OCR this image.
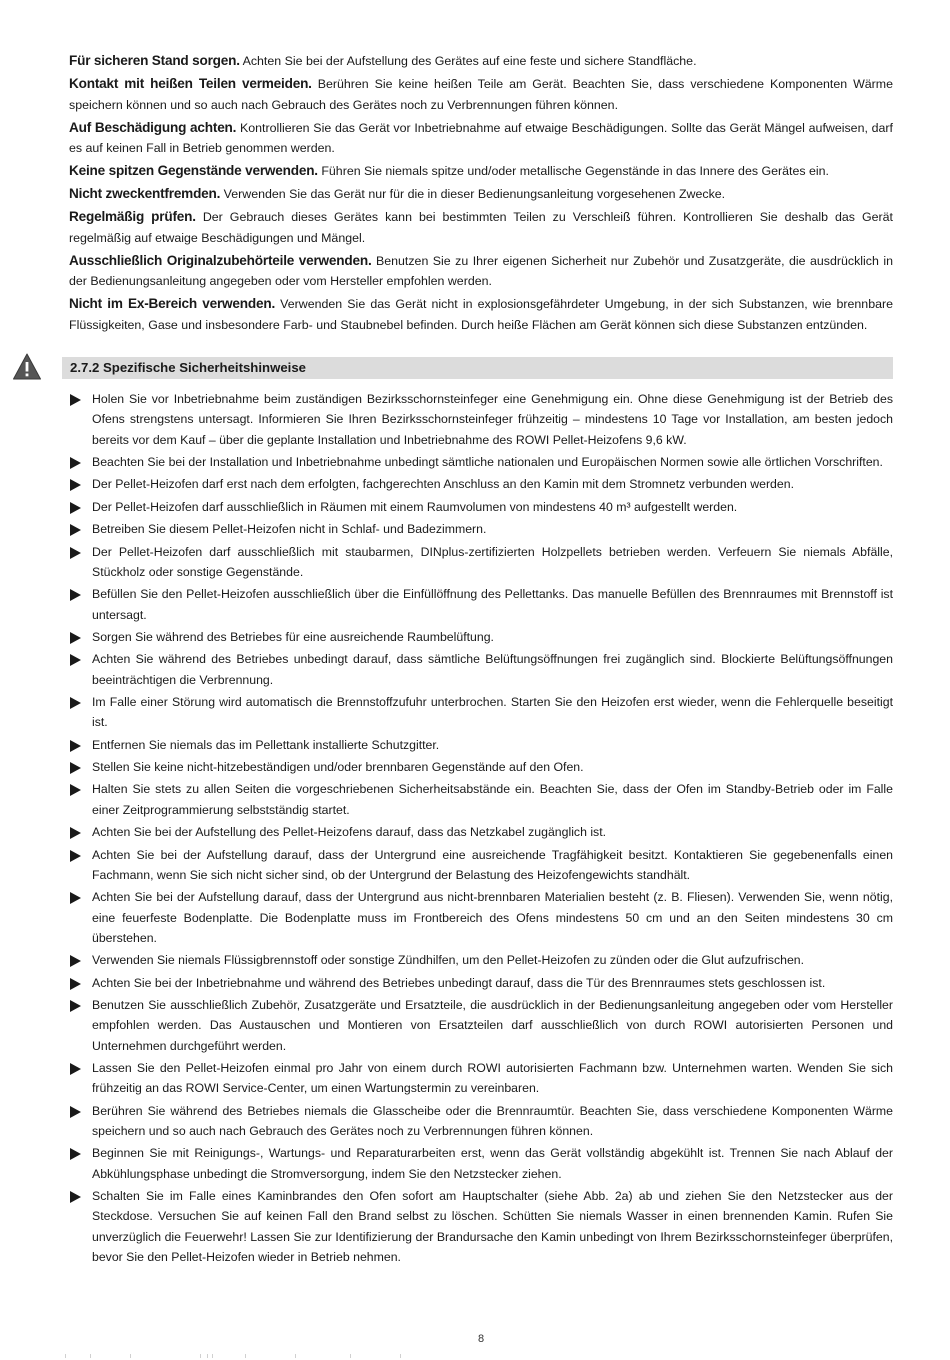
Für sicheren Stand sorgen. Achten Sie bei der Aufstellung des Gerätes auf eine feste und sichere Standfläche.

Kontakt mit heißen Teilen vermeiden. Berühren Sie keine heißen Teile am Gerät. Beachten Sie, dass verschiedene Komponenten Wärme speichern können und so auch nach Gebrauch des Gerätes noch zu Verbrennungen führen können.

Auf Beschädigung achten. Kontrollieren Sie das Gerät vor Inbetriebnahme auf etwaige Beschädigungen. Sollte das Gerät Mängel aufweisen, darf es auf keinen Fall in Betrieb genommen werden.

Keine spitzen Gegenstände verwenden. Führen Sie niemals spitze und/oder metallische Gegenstände in das Innere des Gerätes ein.

Nicht zweckentfremden. Verwenden Sie das Gerät nur für die in dieser Bedienungsanleitung vorgesehenen Zwecke.

Regelmäßig prüfen. Der Gebrauch dieses Gerätes kann bei bestimmten Teilen zu Verschleiß führen. Kontrollieren Sie deshalb das Gerät regelmäßig auf etwaige Beschädigungen und Mängel.

Ausschließlich Originalzubehörteile verwenden. Benutzen Sie zu Ihrer eigenen Sicherheit nur Zubehör und Zusatzgeräte, die ausdrücklich in der Bedienungsanleitung angegeben oder vom Hersteller empfohlen werden.

Nicht im Ex-Bereich verwenden. Verwenden Sie das Gerät nicht in explosionsgefährdeter Umgebung, in der sich Substanzen, wie brennbare Flüssigkeiten, Gase und insbesondere Farb- und Staubnebel befinden. Durch heiße Flächen am Gerät können sich diese Substanzen entzünden.

2.7.2 Spezifische Sicherheitshinweise
Holen Sie vor Inbetriebnahme beim zuständigen Bezirksschornsteinfeger eine Genehmigung ein. Ohne diese Genehmigung ist der Betrieb des Ofens strengstens untersagt. Informieren Sie Ihren Bezirksschornsteinfeger frühzeitig – mindestens 10 Tage vor Installation, am besten jedoch bereits vor dem Kauf – über die geplante Installation und Inbetriebnahme des ROWI Pellet-Heizofens 9,6 kW.
Beachten Sie bei der Installation und Inbetriebnahme unbedingt sämtliche nationalen und Europäischen Normen sowie alle örtlichen Vorschriften.
Der Pellet-Heizofen darf erst nach dem erfolgten, fachgerechten Anschluss an den Kamin mit dem Stromnetz verbunden werden.
Der Pellet-Heizofen darf ausschließlich in Räumen mit einem Raumvolumen von mindestens 40 m³ aufgestellt werden.
Betreiben Sie diesem Pellet-Heizofen nicht in Schlaf- und Badezimmern.
Der Pellet-Heizofen darf ausschließlich mit staubarmen, DINplus-zertifizierten Holzpellets betrieben werden. Verfeuern Sie niemals Abfälle, Stückholz oder sonstige Gegenstände.
Befüllen Sie den Pellet-Heizofen ausschließlich über die Einfüllöffnung des Pellettanks. Das manuelle Befüllen des Brennraumes mit Brennstoff ist untersagt.
Sorgen Sie während des Betriebes für eine ausreichende Raumbelüftung.
Achten Sie während des Betriebes unbedingt darauf, dass sämtliche Belüftungsöffnungen frei zugänglich sind. Blockierte Belüftungsöffnungen beeinträchtigen die Verbrennung.
Im Falle einer Störung wird automatisch die Brennstoffzufuhr unterbrochen. Starten Sie den Heizofen erst wieder, wenn die Fehlerquelle beseitigt ist.
Entfernen Sie niemals das im Pellettank installierte Schutzgitter.
Stellen Sie keine nicht-hitzebeständigen und/oder brennbaren Gegenstände auf den Ofen.
Halten Sie stets zu allen Seiten die vorgeschriebenen Sicherheitsabstände ein. Beachten Sie, dass der Ofen im Standby-Betrieb oder im Falle einer Zeitprogrammierung selbstständig startet.
Achten Sie bei der Aufstellung des Pellet-Heizofens darauf, dass das Netzkabel zugänglich ist.
Achten Sie bei der Aufstellung darauf, dass der Untergrund eine ausreichende Tragfähigkeit besitzt. Kontaktieren Sie gegebenenfalls einen Fachmann, wenn Sie sich nicht sicher sind, ob der Untergrund der Belastung des Heizofengewichts standhält.
Achten Sie bei der Aufstellung darauf, dass der Untergrund aus nicht-brennbaren Materialien besteht (z. B. Fliesen). Verwenden Sie, wenn nötig, eine feuerfeste Bodenplatte. Die Bodenplatte muss im Frontbereich des Ofens mindestens 50 cm und an den Seiten mindestens 30 cm überstehen.
Verwenden Sie niemals Flüssigbrennstoff oder sonstige Zündhilfen, um den Pellet-Heizofen zu zünden oder die Glut aufzufrischen.
Achten Sie bei der Inbetriebnahme und während des Betriebes unbedingt darauf, dass die Tür des Brennraumes stets geschlossen ist.
Benutzen Sie ausschließlich Zubehör, Zusatzgeräte und Ersatzteile, die ausdrücklich in der Bedienungsanleitung angegeben oder vom Hersteller empfohlen werden. Das Austauschen und Montieren von Ersatzteilen darf ausschließlich von durch ROWI autorisierten Personen und Unternehmen durchgeführt werden.
Lassen Sie den Pellet-Heizofen einmal pro Jahr von einem durch ROWI autorisierten Fachmann bzw. Unternehmen warten. Wenden Sie sich frühzeitig an das ROWI Service-Center, um einen Wartungstermin zu vereinbaren.
Berühren Sie während des Betriebes niemals die Glasscheibe oder die Brennraumtür. Beachten Sie, dass verschiedene Komponenten Wärme speichern und so auch nach Gebrauch des Gerätes noch zu Verbrennungen führen können.
Beginnen Sie mit Reinigungs-, Wartungs- und Reparaturarbeiten erst, wenn das Gerät vollständig abgekühlt ist. Trennen Sie nach Ablauf der Abkühlungsphase unbedingt die Stromversorgung, indem Sie den Netzstecker ziehen.
Schalten Sie im Falle eines Kaminbrandes den Ofen sofort am Hauptschalter (siehe Abb. 2a) ab und ziehen Sie den Netzstecker aus der Steckdose. Versuchen Sie auf keinen Fall den Brand selbst zu löschen. Schütten Sie niemals Wasser in einen brennenden Kamin. Rufen Sie unverzüglich die Feuerwehr! Lassen Sie zur Identifizierung der Brandursache den Kamin unbedingt von Ihrem Bezirksschornsteinfeger überprüfen, bevor Sie den Pellet-Heizofen wieder in Betrieb nehmen.
8
